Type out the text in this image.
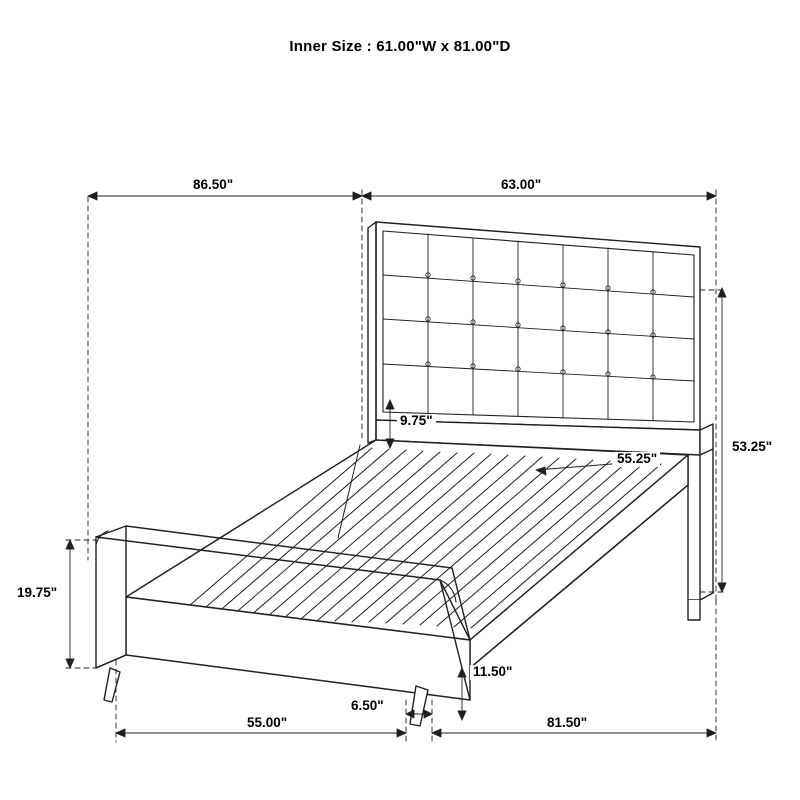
Inner Size : 61.00"W x 81.00"D
86.50"	63.00"
53.25"
9.75"
55.25"
19.75"
11.50"
6.50"
55.00"	81.50"
